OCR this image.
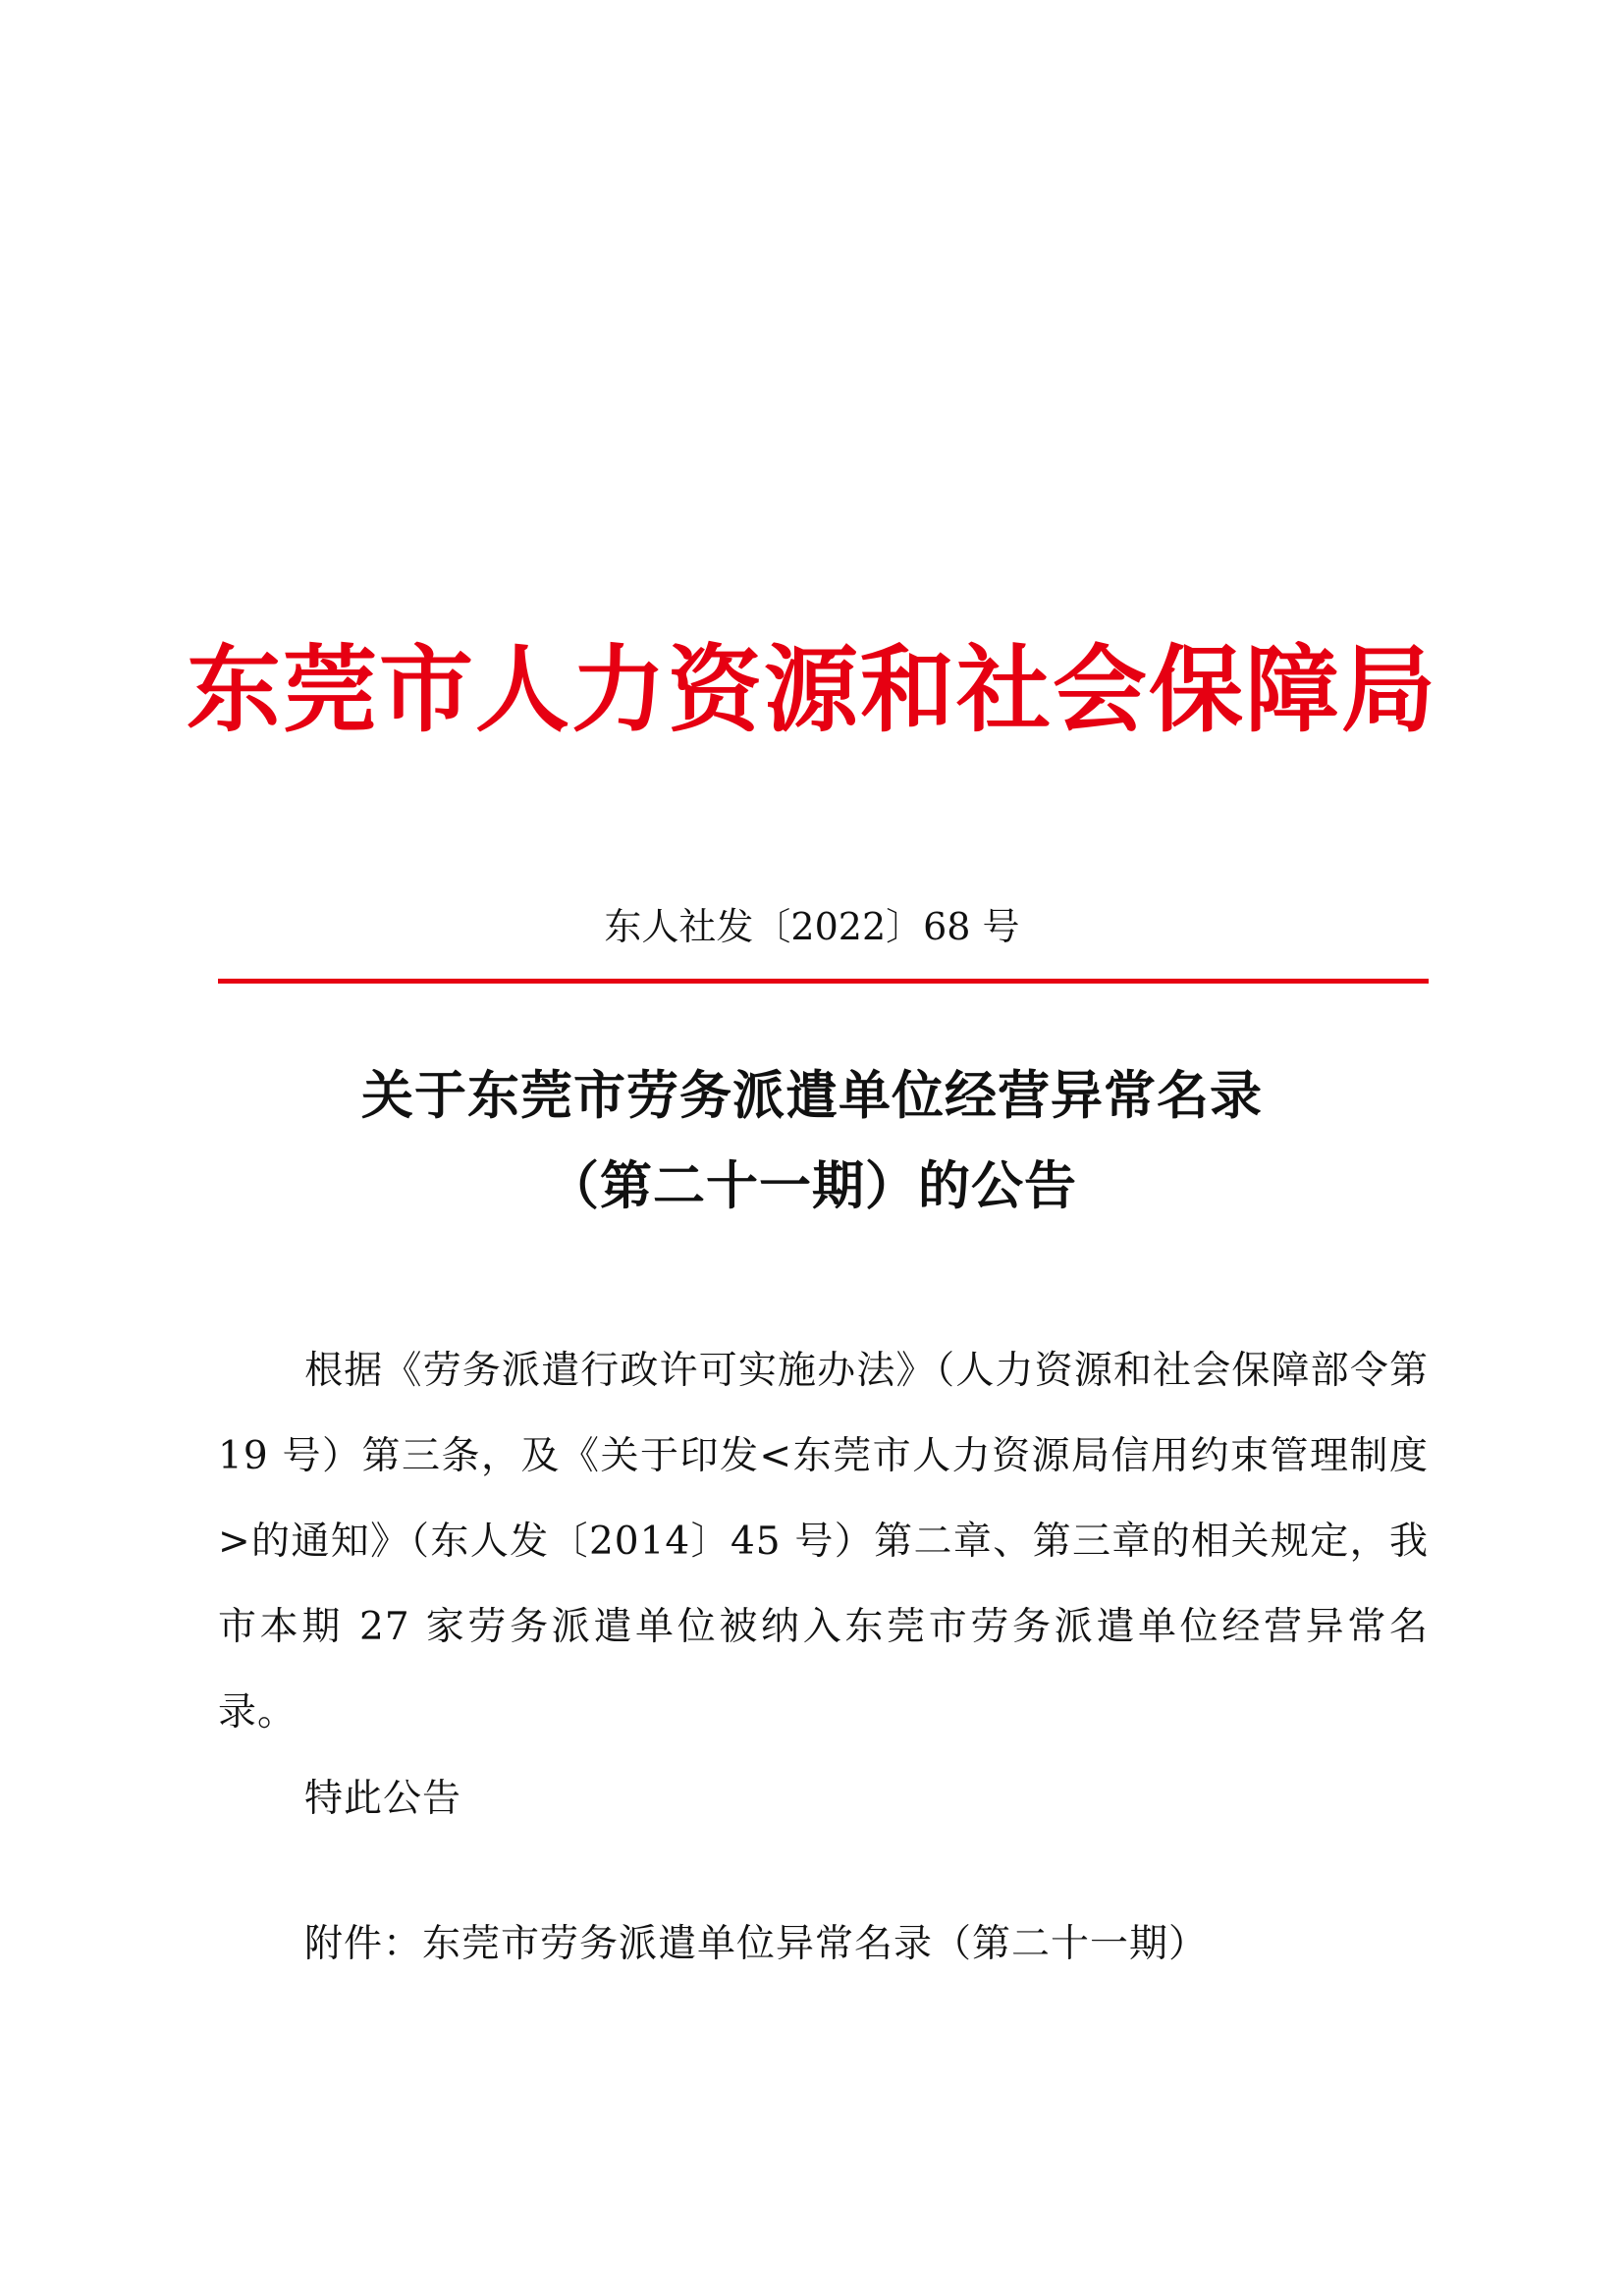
东莞市人力资源和社会保障局
东人社发〔2022〕68 号
关于东莞市劳务派遣单位经营异常名录
（第二十一期）的公告
根据《劳务派遣行政许可实施办法》（人力资源和社会保障部令第 19 号）第三条，及《关于印发<东莞市人力资源局信用约束管理制度>的通知》（东人发〔2014〕45 号）第二章、第三章的相关规定，我市本期 27 家劳务派遣单位被纳入东莞市劳务派遣单位经营异常名录。
特此公告
附件：东莞市劳务派遣单位异常名录（第二十一期）
